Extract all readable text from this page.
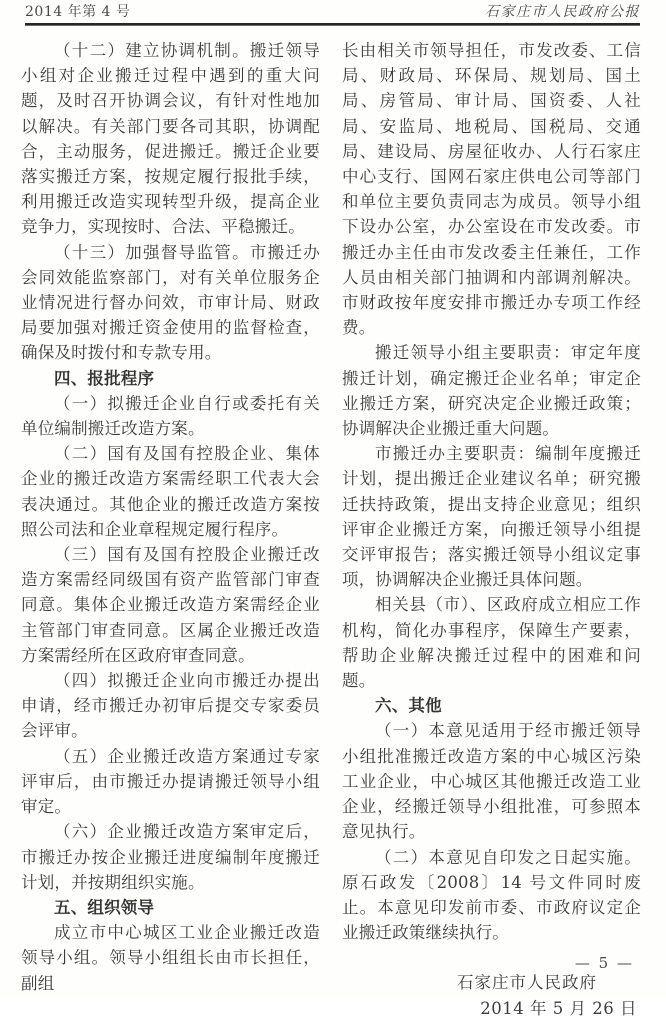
2014 年第 4 号	石家庄市人民政府公报

（十二）建立协调机制。搬迁领导小组对企业搬迁过程中遇到的重大问题，及时召开协调会议，有针对性地加以解决。有关部门要各司其职，协调配合，主动服务，促进搬迁。搬迁企业要落实搬迁方案，按规定履行报批手续，利用搬迁改造实现转型升级，提高企业竞争力，实现按时、合法、平稳搬迁。

（十三）加强督导监管。市搬迁办会同效能监察部门，对有关单位服务企业情况进行督办问效，市审计局、财政局要加强对搬迁资金使用的监督检查，确保及时拨付和专款专用。

四、报批程序

（一）拟搬迁企业自行或委托有关单位编制搬迁改造方案。

（二）国有及国有控股企业、集体企业的搬迁改造方案需经职工代表大会表决通过。其他企业的搬迁改造方案按照公司法和企业章程规定履行程序。

（三）国有及国有控股企业搬迁改造方案需经同级国有资产监管部门审查同意。集体企业搬迁改造方案需经企业主管部门审查同意。区属企业搬迁改造方案需经所在区政府审查同意。

（四）拟搬迁企业向市搬迁办提出申请，经市搬迁办初审后提交专家委员会评审。

（五）企业搬迁改造方案通过专家评审后，由市搬迁办提请搬迁领导小组审定。

（六）企业搬迁改造方案审定后，市搬迁办按企业搬迁进度编制年度搬迁计划，并按期组织实施。

五、组织领导

成立市中心城区工业企业搬迁改造领导小组。领导小组组长由市长担任，副组

长由相关市领导担任，市发改委、工信局、财政局、环保局、规划局、国土局、房管局、审计局、国资委、人社局、安监局、地税局、国税局、交通局、建设局、房屋征收办、人行石家庄中心支行、国网石家庄供电公司等部门和单位主要负责同志为成员。领导小组下设办公室，办公室设在市发改委。市搬迁办主任由市发改委主任兼任，工作人员由相关部门抽调和内部调剂解决。市财政按年度安排市搬迁办专项工作经费。

搬迁领导小组主要职责：审定年度搬迁计划，确定搬迁企业名单；审定企业搬迁方案，研究决定企业搬迁政策；协调解决企业搬迁重大问题。

市搬迁办主要职责：编制年度搬迁计划，提出搬迁企业建议名单；研究搬迁扶持政策，提出支持企业意见；组织评审企业搬迁方案，向搬迁领导小组提交评审报告；落实搬迁领导小组议定事项，协调解决企业搬迁具体问题。

相关县（市）、区政府成立相应工作机构，简化办事程序，保障生产要素，帮助企业解决搬迁过程中的困难和问题。

六、其他

（一）本意见适用于经市搬迁领导小组批准搬迁改造方案的中心城区污染工业企业，中心城区其他搬迁改造工业企业，经搬迁领导小组批准，可参照本意见执行。

（二）本意见自印发之日起实施。原石政发〔2008〕14 号文件同时废止。本意见印发前市委、市政府议定企业搬迁政策继续执行。

石家庄市人民政府
2014 年 5 月 26 日
— 5 —
